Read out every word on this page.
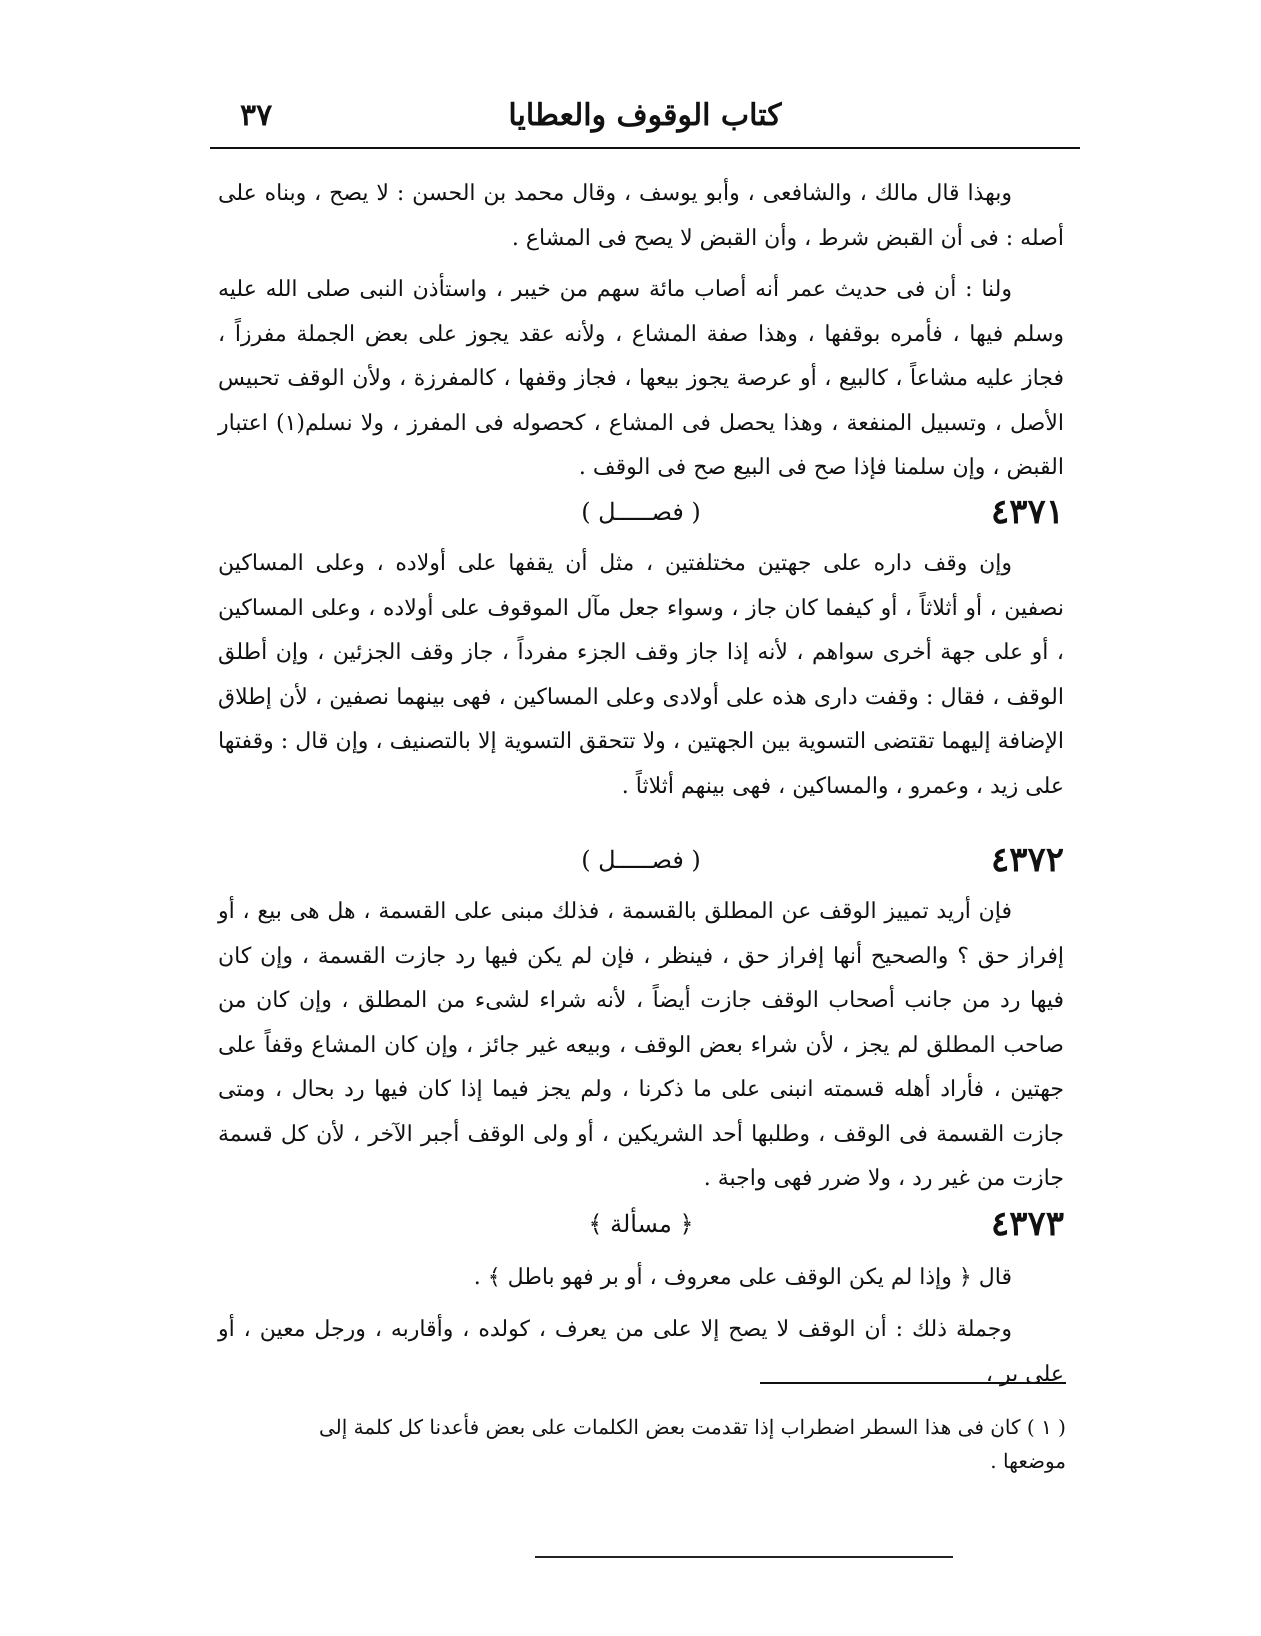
كتاب الوقوف والعطايا
٣٧

وبهذا قال مالك ، والشافعى ، وأبو يوسف ، وقال محمد بن الحسن : لا يصح ، وبناه على أصله : فى أن القبض شرط ، وأن القبض لا يصح فى المشاع .

ولنا : أن فى حديث عمر أنه أصاب مائة سهم من خيبر ، واستأذن النبى صلى الله عليه وسلم فيها ، فأمره بوقفها ، وهذا صفة المشاع ، ولأنه عقد يجوز على بعض الجملة مفرزاً ، فجاز عليه مشاعاً ، كالبيع ، أو عرصة يجوز بيعها ، فجاز وقفها ، كالمفرزة ، ولأن الوقف تحبيس الأصل ، وتسبيل المنفعة ، وهذا يحصل فى المشاع ، كحصوله فى المفرز ، ولا نسلم(١) اعتبار القبض ، وإن سلمنا فإذا صح فى البيع صح فى الوقف .

٤٣٧١
( فصـــــل )

وإن وقف داره على جهتين مختلفتين ، مثل أن يقفها على أولاده ، وعلى المساكين نصفين ، أو أثلاثاً ، أو كيفما كان جاز ، وسواء جعل مآل الموقوف على أولاده ، وعلى المساكين ، أو على جهة أخرى سواهم ، لأنه إذا جاز وقف الجزء مفرداً ، جاز وقف الجزئين ، وإن أطلق الوقف ، فقال : وقفت دارى هذه على أولادى وعلى المساكين ، فهى بينهما نصفين ، لأن إطلاق الإضافة إليهما تقتضى التسوية بين الجهتين ، ولا تتحقق التسوية إلا بالتصنيف ، وإن قال : وقفتها على زيد ، وعمرو ، والمساكين ، فهى بينهم أثلاثاً .

٤٣٧٢
( فصـــــل )

فإن أريد تمييز الوقف عن المطلق بالقسمة ، فذلك مبنى على القسمة ، هل هى بيع ، أو إفراز حق ؟ والصحيح أنها إفراز حق ، فينظر ، فإن لم يكن فيها رد جازت القسمة ، وإن كان فيها رد من جانب أصحاب الوقف جازت أيضاً ، لأنه شراء لشىء من المطلق ، وإن كان من صاحب المطلق لم يجز ، لأن شراء بعض الوقف ، وبيعه غير جائز ، وإن كان المشاع وقفاً على جهتين ، فأراد أهله قسمته انبنى على ما ذكرنا ، ولم يجز فيما إذا كان فيها رد بحال ، ومتى جازت القسمة فى الوقف ، وطلبها أحد الشريكين ، أو ولى الوقف أجبر الآخر ، لأن كل قسمة جازت من غير رد ، ولا ضرر فهى واجبة .

٤٣٧٣
﴿ مسألة ﴾

قال ﴿ وإذا لم يكن الوقف على معروف ، أو بر فهو باطل ﴾ .

وجملة ذلك : أن الوقف لا يصح إلا على من يعرف ، كولده ، وأقاربه ، ورجل معين ، أو على بر ،

( ١ ) كان فى هذا السطر اضطراب إذا تقدمت بعض الكلمات على بعض فأعدنا كل كلمة إلى موضعها .
